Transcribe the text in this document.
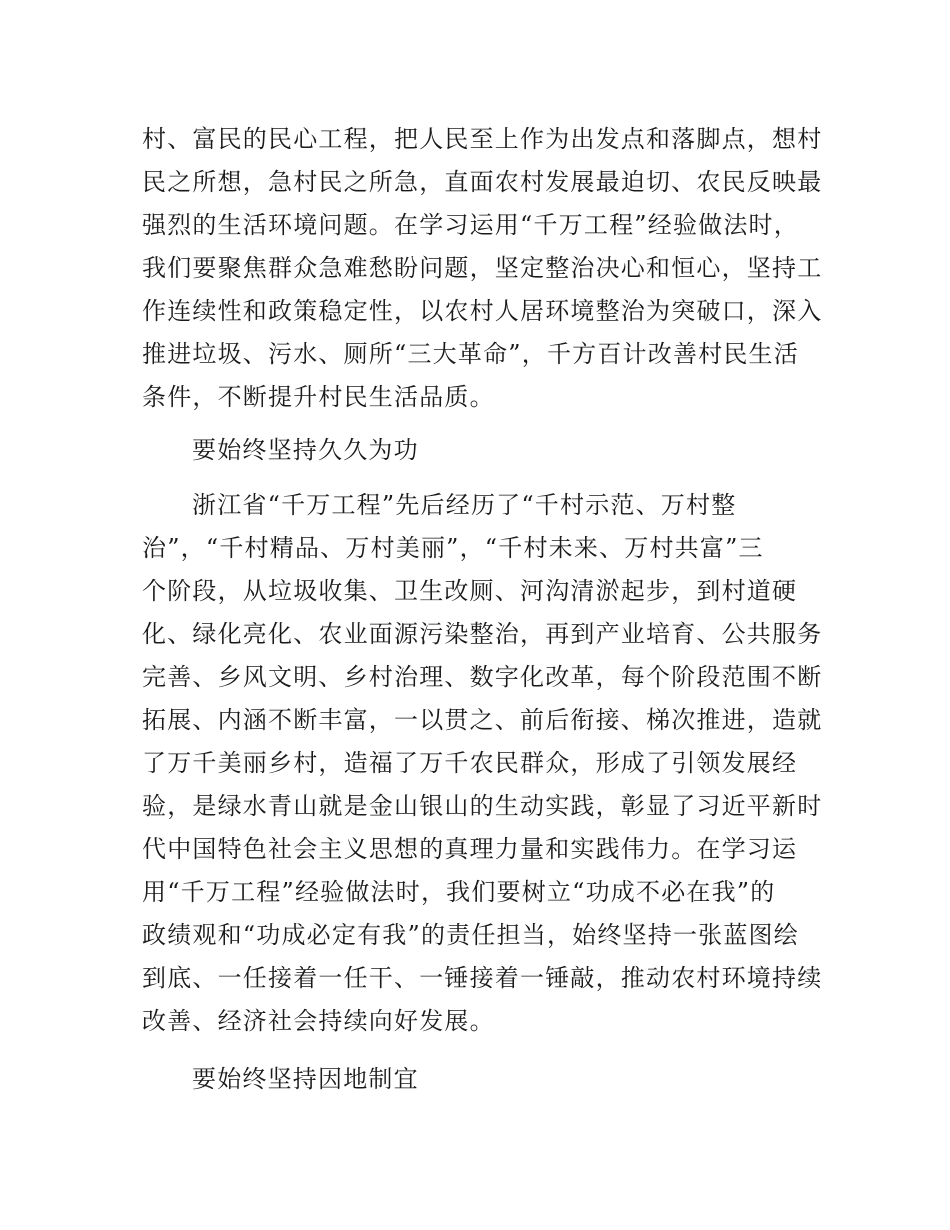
村、富民的民心工程，把人民至上作为出发点和落脚点，想村
民之所想，急村民之所急，直面农村发展最迫切、农民反映最
强烈的生活环境问题。在学习运用“千万工程”经验做法时，
我们要聚焦群众急难愁盼问题，坚定整治决心和恒心，坚持工
作连续性和政策稳定性，以农村人居环境整治为突破口，深入
推进垃圾、污水、厕所“三大革命”，千方百计改善村民生活
条件，不断提升村民生活品质。
要始终坚持久久为功
浙江省“千万工程”先后经历了“千村示范、万村整
治”，“千村精品、万村美丽”，“千村未来、万村共富”三
个阶段，从垃圾收集、卫生改厕、河沟清淤起步，到村道硬
化、绿化亮化、农业面源污染整治，再到产业培育、公共服务
完善、乡风文明、乡村治理、数字化改革，每个阶段范围不断
拓展、内涵不断丰富，一以贯之、前后衔接、梯次推进，造就
了万千美丽乡村，造福了万千农民群众，形成了引领发展经
验，是绿水青山就是金山银山的生动实践，彰显了习近平新时
代中国特色社会主义思想的真理力量和实践伟力。在学习运
用“千万工程”经验做法时，我们要树立“功成不必在我”的
政绩观和“功成必定有我”的责任担当，始终坚持一张蓝图绘
到底、一任接着一任干、一锤接着一锤敲，推动农村环境持续
改善、经济社会持续向好发展。
要始终坚持因地制宜
